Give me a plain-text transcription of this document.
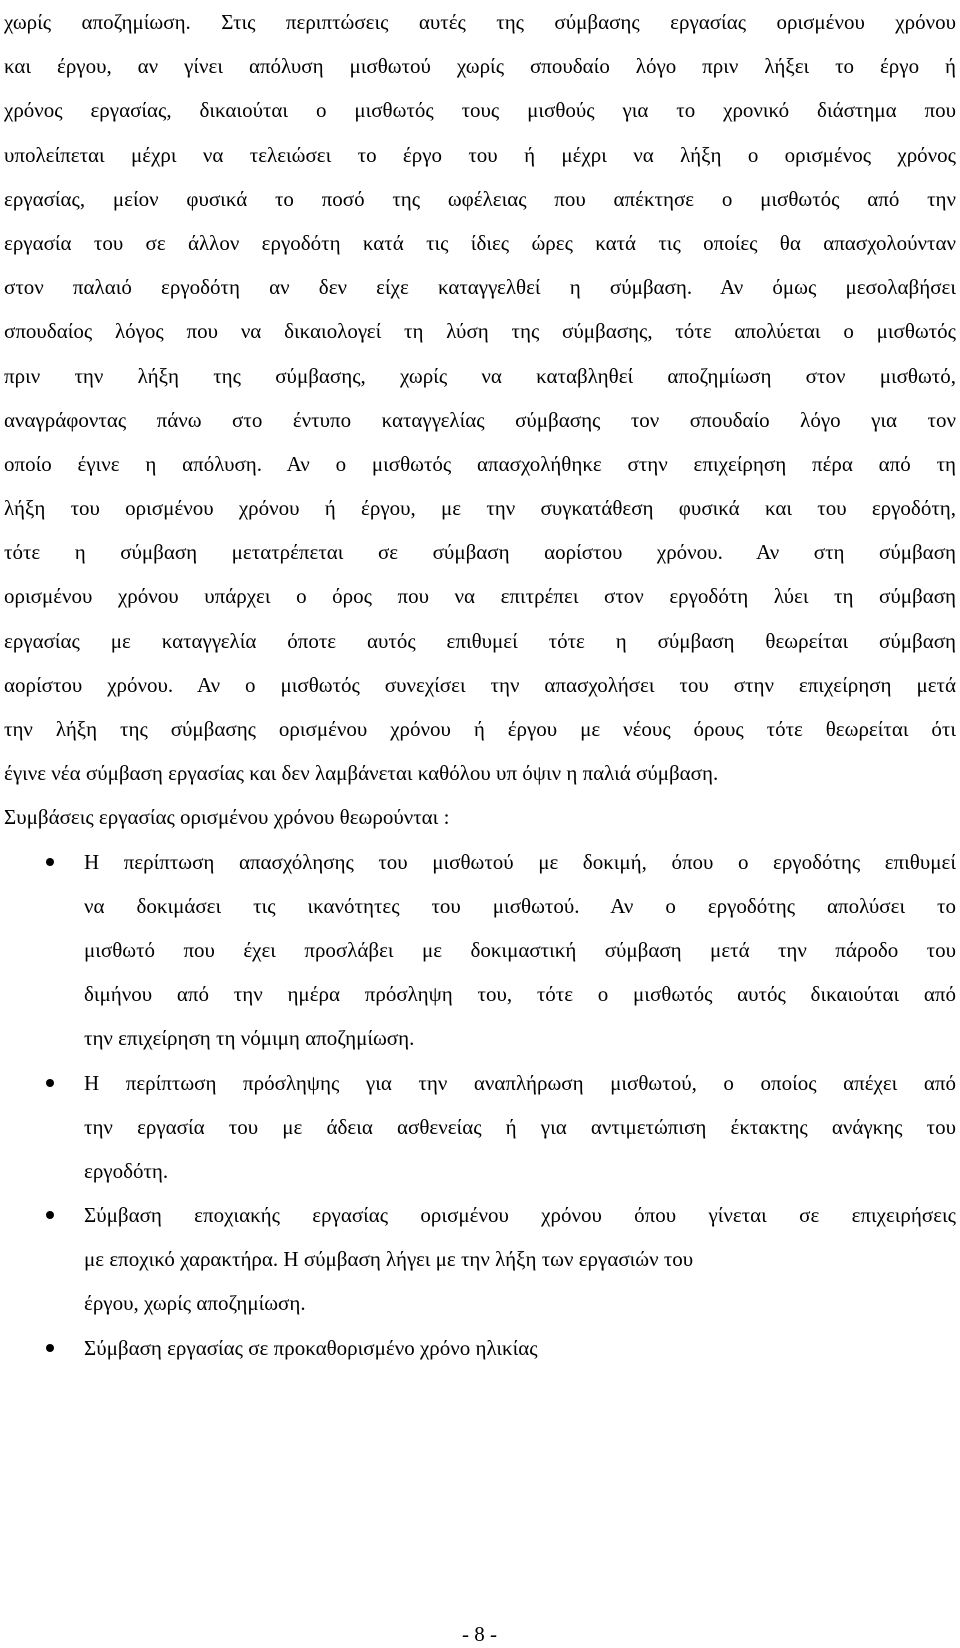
χωρίς αποζημίωση. Στις περιπτώσεις αυτές της σύμβασης εργασίας ορισμένου χρόνου
και έργου, αν γίνει απόλυση μισθωτού χωρίς σπουδαίο λόγο πριν λήξει το έργο ή
χρόνος εργασίας, δικαιούται ο μισθωτός τους μισθούς για το χρονικό διάστημα που
υπολείπεται μέχρι να τελειώσει το έργο του ή μέχρι να λήξη ο ορισμένος χρόνος
εργασίας, μείον φυσικά το ποσό της ωφέλειας που απέκτησε ο μισθωτός από την
εργασία του σε άλλον εργοδότη κατά τις ίδιες ώρες κατά τις οποίες θα απασχολούνταν
στον παλαιό εργοδότη αν δεν είχε καταγγελθεί η σύμβαση. Αν όμως μεσολαβήσει
σπουδαίος λόγος που να δικαιολογεί τη λύση της σύμβασης, τότε απολύεται ο μισθωτός
πριν την λήξη της σύμβασης, χωρίς να καταβληθεί αποζημίωση στον μισθωτό,
αναγράφοντας πάνω στο έντυπο καταγγελίας σύμβασης τον σπουδαίο λόγο για τον
οποίο έγινε η απόλυση. Αν ο μισθωτός απασχολήθηκε στην επιχείρηση πέρα από τη
λήξη του ορισμένου χρόνου ή έργου, με την συγκατάθεση φυσικά και του εργοδότη,
τότε η σύμβαση μετατρέπεται σε σύμβαση αορίστου χρόνου. Αν στη σύμβαση
ορισμένου χρόνου υπάρχει ο όρος που να επιτρέπει στον εργοδότη λύει τη σύμβαση
εργασίας με καταγγελία όποτε αυτός επιθυμεί τότε η σύμβαση θεωρείται σύμβαση
αορίστου χρόνου. Αν ο μισθωτός συνεχίσει την απασχολήσει του στην επιχείρηση μετά
την λήξη της σύμβασης ορισμένου χρόνου ή έργου με νέους όρους τότε θεωρείται ότι
έγινε νέα σύμβαση εργασίας και δεν λαμβάνεται καθόλου υπ όψιν η παλιά σύμβαση.
Συμβάσεις εργασίας ορισμένου χρόνου θεωρούνται :
Η περίπτωση απασχόλησης του μισθωτού με δοκιμή, όπου ο εργοδότης επιθυμεί
να δοκιμάσει τις ικανότητες του μισθωτού. Αν ο εργοδότης απολύσει το
μισθωτό που έχει προσλάβει με δοκιμαστική σύμβαση μετά την πάροδο του
διμήνου από την ημέρα πρόσληψη του, τότε ο μισθωτός αυτός δικαιούται από
την επιχείρηση τη νόμιμη αποζημίωση.
Η περίπτωση πρόσληψης για την αναπλήρωση μισθωτού, ο οποίος απέχει από
την εργασία του με άδεια ασθενείας ή για αντιμετώπιση έκτακτης ανάγκης του
εργοδότη.
Σύμβαση εποχιακής εργασίας ορισμένου χρόνου όπου γίνεται σε επιχειρήσεις
με εποχικό χαρακτήρα. Η σύμβαση λήγει με την λήξη των εργασιών του
έργου, χωρίς αποζημίωση.
Σύμβαση εργασίας σε προκαθορισμένο χρόνο ηλικίας
- 8 -
